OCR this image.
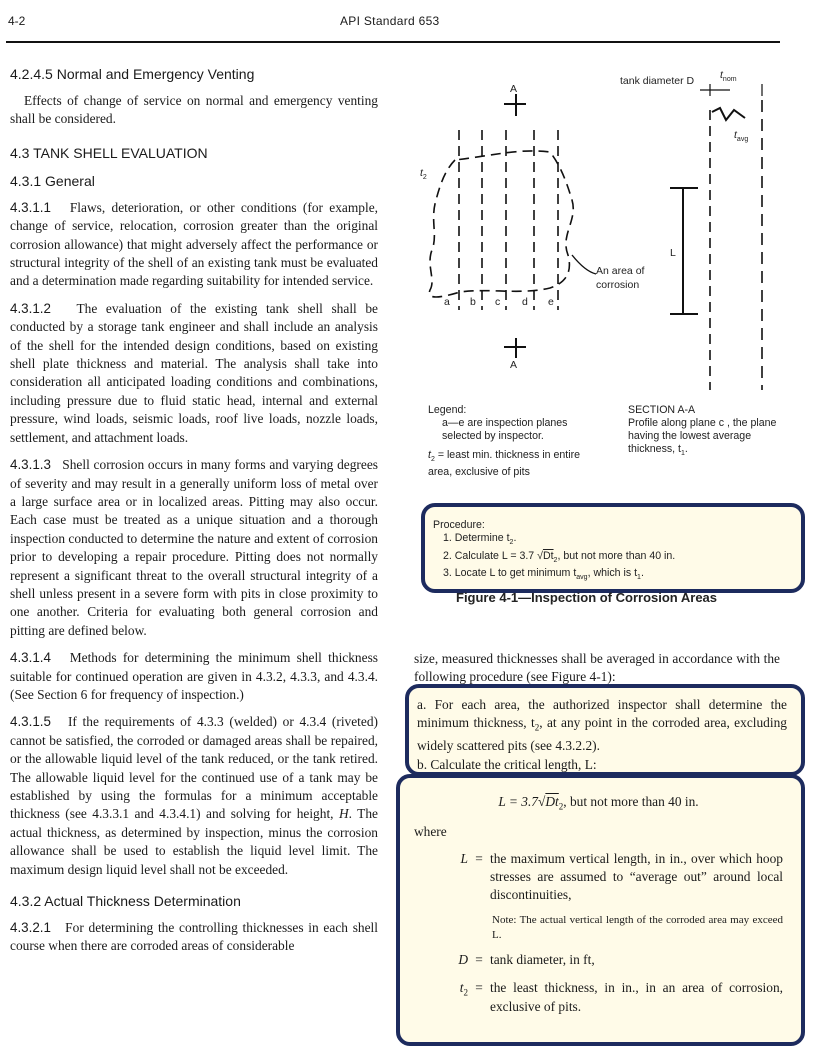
4-2	API Standard 653

4.2.4.5 Normal and Emergency Venting

Effects of change of service on normal and emergency venting shall be considered.

4.3 TANK SHELL EVALUATION

4.3.1 General

4.3.1.1 Flaws, deterioration, or other conditions (for example, change of service, relocation, corrosion greater than the original corrosion allowance) that might adversely affect the performance or structural integrity of the shell of an existing tank must be evaluated and a determination made regarding suitability for intended service.

4.3.1.2 The evaluation of the existing tank shell shall be conducted by a storage tank engineer and shall include an analysis of the shell for the intended design conditions, based on existing shell plate thickness and material. The analysis shall take into consideration all anticipated loading conditions and combinations, including pressure due to fluid static head, internal and external pressure, wind loads, seismic loads, roof live loads, nozzle loads, settlement, and attachment loads.

4.3.1.3 Shell corrosion occurs in many forms and varying degrees of severity and may result in a generally uniform loss of metal over a large surface area or in localized areas. Pitting may also occur. Each case must be treated as a unique situation and a thorough inspection conducted to determine the nature and extent of corrosion prior to developing a repair procedure. Pitting does not normally represent a significant threat to the overall structural integrity of a shell unless present in a severe form with pits in close proximity to one another. Criteria for evaluating both general corrosion and pitting are defined below.

4.3.1.4 Methods for determining the minimum shell thickness suitable for continued operation are given in 4.3.2, 4.3.3, and 4.3.4. (See Section 6 for frequency of inspection.)

4.3.1.5 If the requirements of 4.3.3 (welded) or 4.3.4 (riveted) cannot be satisfied, the corroded or damaged areas shall be repaired, or the allowable liquid level of the tank reduced, or the tank retired. The allowable liquid level for the continued use of a tank may be established by using the formulas for a minimum acceptable thickness (see 4.3.3.1 and 4.3.4.1) and solving for height, H. The actual thickness, as determined by inspection, minus the corrosion allowance shall be used to establish the liquid level limit. The maximum design liquid level shall not be exceeded.

4.3.2 Actual Thickness Determination

4.3.2.1 For determining the controlling thicknesses in each shell course when there are corroded areas of considerable

A
A
$t_2$
a b c d e
An area of
corrosion
tank diameter D $t_{nom}$
$t_{avg}$
L
Legend:
a—e are inspection planes selected by inspector.
$t_2$ = least min. thickness in entire area, exclusive of pits
SECTION A-A
Profile along plane c , the plane having the lowest average thickness, $t_1$.
Procedure:
1. Determine $t_2$.
2. Calculate L = 3.7 $√Dt_2$, but not more than 40 in.
3. Locate L to get minimum $t_{avg}$, which is $t_1$.
Figure 4-1—Inspection of Corrosion Areas

size, measured thicknesses shall be averaged in accordance with the following procedure (see Figure 4-1):

a. For each area, the authorized inspector shall determine the minimum thickness, $t_2$, at any point in the corroded area, excluding widely scattered pits (see 4.3.2.2).

b. Calculate the critical length, L:

$L = 3.7√Dt_2$, but not more than 40 in.
where
L = the maximum vertical length, in in., over which hoop stresses are assumed to “average out” around local discontinuities,
Note: The actual vertical length of the corroded area may exceed L.
D = tank diameter, in ft,
$t_2$ = the least thickness, in in., in an area of corrosion, exclusive of pits.
